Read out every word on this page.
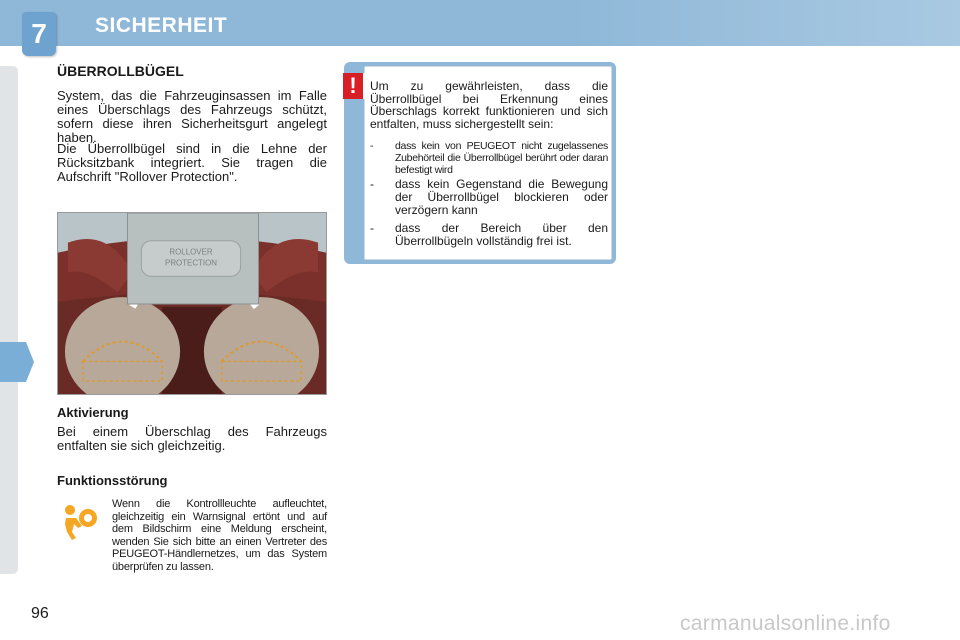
7	SICHERHEIT
ÜBERROLLBÜGEL
System, das die Fahrzeuginsassen im Falle eines Überschlags des Fahrzeugs schützt, sofern diese ihren Sicherheitsgurt angelegt haben.
Die Überrollbügel sind in die Lehne der Rücksitzbank integriert. Sie tragen die Aufschrift "Rollover Protection".
ROLLOVER
PROTECTION
Aktivierung
Bei einem Überschlag des Fahrzeugs entfalten sie sich gleichzeitig.
Funktionsstörung
Wenn die Kontrollleuchte aufleuchtet, gleichzeitig ein Warnsignal ertönt und auf dem Bildschirm eine Meldung erscheint, wenden Sie sich bitte an einen Vertreter des PEUGEOT-Händlernetzes, um das System überprüfen zu lassen.
!	Um zu gewährleisten, dass die Überrollbügel bei Erkennung eines Überschlags korrekt funktionieren und sich entfalten, muss sichergestellt sein:
- dass kein von PEUGEOT nicht zugelassenes Zubehörteil die Überrollbügel berührt oder daran befestigt wird
- dass kein Gegenstand die Bewegung der Überrollbügel blockieren oder verzögern kann
- dass der Bereich über den Überrollbügeln vollständig frei ist.
96	carmanualsonline.info
